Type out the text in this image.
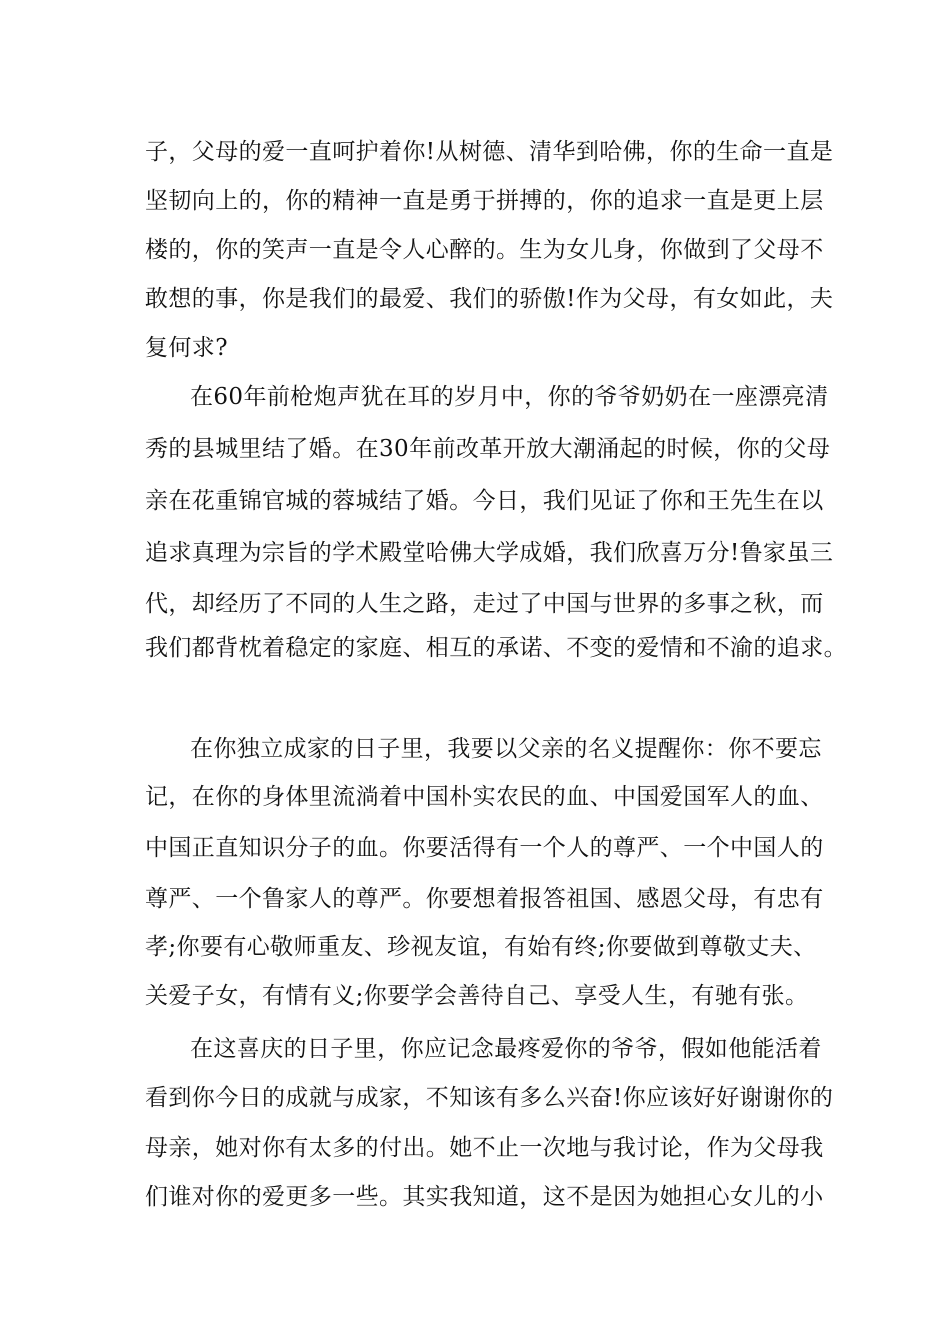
子，父母的爱一直呵护着你!从树德、清华到哈佛，你的生命一直是
坚韧向上的，你的精神一直是勇于拼搏的，你的追求一直是更上层
楼的，你的笑声一直是令人心醉的。生为女儿身，你做到了父母不
敢想的事，你是我们的最爱、我们的骄傲!作为父母，有女如此，夫
复何求?
在60年前枪炮声犹在耳的岁月中，你的爷爷奶奶在一座漂亮清
秀的县城里结了婚。在30年前改革开放大潮涌起的时候，你的父母
亲在花重锦官城的蓉城结了婚。今日，我们见证了你和王先生在以
追求真理为宗旨的学术殿堂哈佛大学成婚，我们欣喜万分!鲁家虽三
代，却经历了不同的人生之路，走过了中国与世界的多事之秋，而
我们都背枕着稳定的家庭、相互的承诺、不变的爱情和不渝的追求。
在你独立成家的日子里，我要以父亲的名义提醒你：你不要忘
记，在你的身体里流淌着中国朴实农民的血、中国爱国军人的血、
中国正直知识分子的血。你要活得有一个人的尊严、一个中国人的
尊严、一个鲁家人的尊严。你要想着报答祖国、感恩父母，有忠有
孝;你要有心敬师重友、珍视友谊，有始有终;你要做到尊敬丈夫、
关爱子女，有情有义;你要学会善待自己、享受人生，有驰有张。
在这喜庆的日子里，你应记念最疼爱你的爷爷，假如他能活着
看到你今日的成就与成家，不知该有多么兴奋!你应该好好谢谢你的
母亲，她对你有太多的付出。她不止一次地与我讨论，作为父母我
们谁对你的爱更多一些。其实我知道，这不是因为她担心女儿的小
